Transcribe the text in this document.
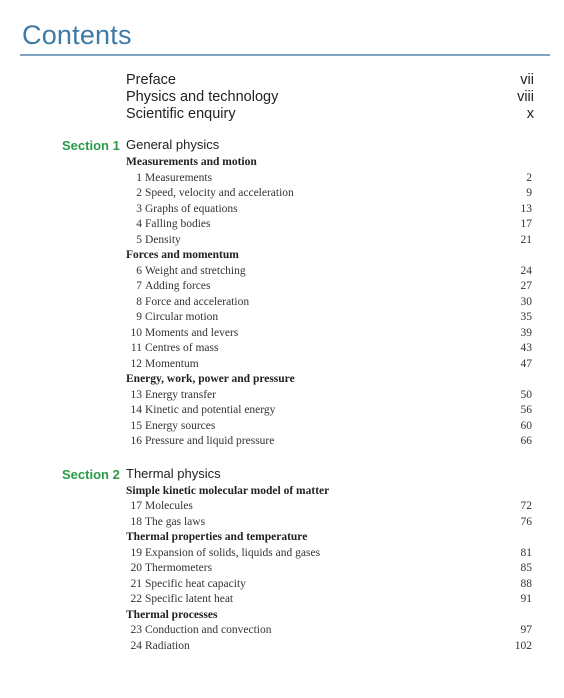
Contents
Preface	vii
Physics and technology	viii
Scientific enquiry	x
Section 1 General physics
Measurements and motion
1 Measurements	2
2 Speed, velocity and acceleration	9
3 Graphs of equations	13
4 Falling bodies	17
5 Density	21
Forces and momentum
6 Weight and stretching	24
7 Adding forces	27
8 Force and acceleration	30
9 Circular motion	35
10 Moments and levers	39
11 Centres of mass	43
12 Momentum	47
Energy, work, power and pressure
13 Energy transfer	50
14 Kinetic and potential energy	56
15 Energy sources	60
16 Pressure and liquid pressure	66
Section 2 Thermal physics
Simple kinetic molecular model of matter
17 Molecules	72
18 The gas laws	76
Thermal properties and temperature
19 Expansion of solids, liquids and gases	81
20 Thermometers	85
21 Specific heat capacity	88
22 Specific latent heat	91
Thermal processes
23 Conduction and convection	97
24 Radiation	102
